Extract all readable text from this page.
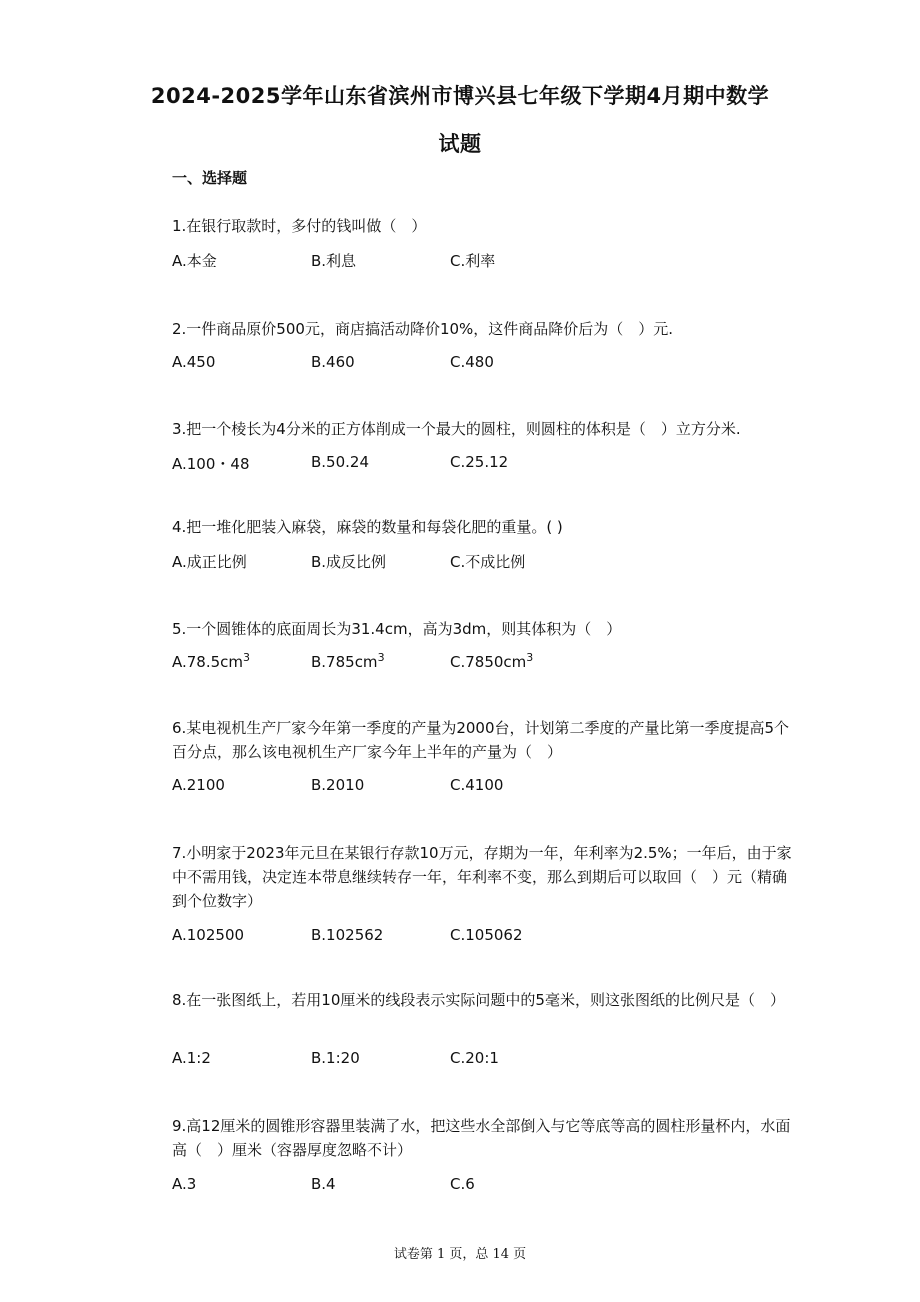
2024-2025学年山东省滨州市博兴县七年级下学期4月期中数学
试题
一、选择题
1.在银行取款时，多付的钱叫做（　）
A.本金	B.利息	C.利率
2.一件商品原价500元，商店搞活动降价10%，这件商品降价后为（　）元.
A.450	B.460	C.480
3.把一个棱长为4分米的正方体削成一个最大的圆柱，则圆柱的体积是（　）立方分米.
A.100・48	B.50.24	C.25.12
4.把一堆化肥装入麻袋，麻袋的数量和每袋化肥的重量。( )
A.成正比例	B.成反比例	C.不成比例
5.一个圆锥体的底面周长为31.4cm，高为3dm，则其体积为（　）
$A.78.5cm^3$	$B.785cm^3$	$C.7850cm^3$
6.某电视机生产厂家今年第一季度的产量为2000台，计划第二季度的产量比第一季度提高5个百分点，那么该电视机生产厂家今年上半年的产量为（　）
A.2100	B.2010	C.4100
7.小明家于2023年元旦在某银行存款10万元，存期为一年，年利率为2.5%；一年后，由于家中不需用钱，决定连本带息继续转存一年，年利率不变，那么到期后可以取回（　）元（精确到个位数字）
A.102500	B.102562	C.105062
8.在一张图纸上，若用10厘米的线段表示实际问题中的5毫米，则这张图纸的比例尺是（　）
A.1:2	B.1:20	C.20:1
9.高12厘米的圆锥形容器里装满了水，把这些水全部倒入与它等底等高的圆柱形量杯内，水面高（　）厘米（容器厚度忽略不计）
A.3	B.4	C.6
试卷第 1 页，总 14 页
